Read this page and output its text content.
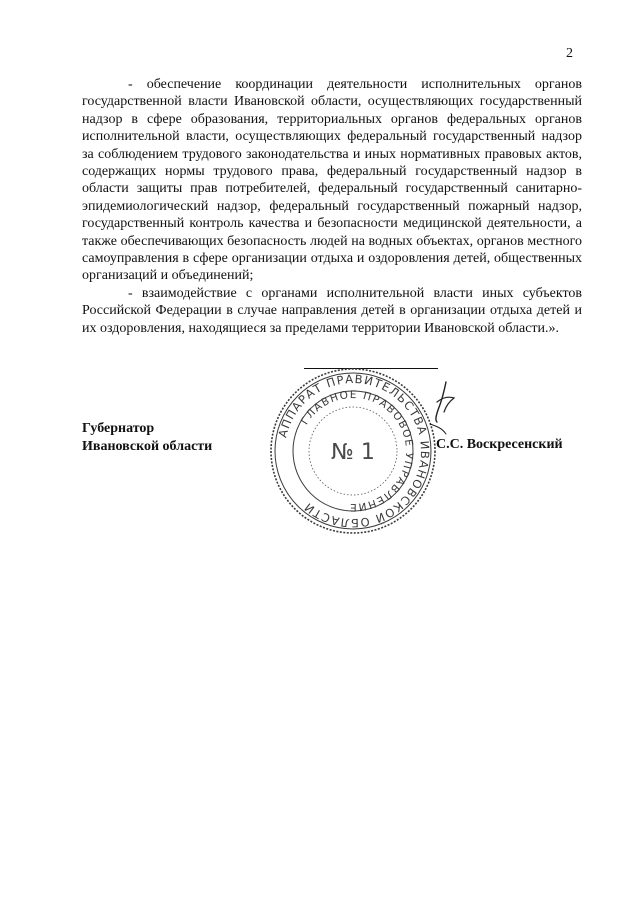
2

- обеспечение координации деятельности исполнительных органов государственной власти Ивановской области, осуществляющих государственный надзор в сфере образования, территориальных органов федеральных органов исполнительной власти, осуществляющих федеральный государственный надзор за соблюдением трудового законодательства и иных нормативных правовых актов, содержащих нормы трудового права, федеральный государственный надзор в области защиты прав потребителей, федеральный государственный санитарно-эпидемиологический надзор, федеральный государственный пожарный надзор, государственный контроль качества и безопасности медицинской деятельности, а также обеспечивающих безопасность людей на водных объектах, органов местного самоуправления в сфере организации отдыха и оздоровления детей, общественных организаций и объединений;

- взаимодействие с органами исполнительной власти иных субъектов Российской Федерации в случае направления детей в организации отдыха детей и их оздоровления, находящиеся за пределами территории Ивановской области.».

Губернатор
Ивановской области	С.С. Воскресенский
АППАРАТ ПРАВИТЕЛЬСТВА ИВАНОВСКОЙ ОБЛАСТИ
ГЛАВНОЕ ПРАВОВОЕ УПРАВЛЕНИЕ
№ 1
